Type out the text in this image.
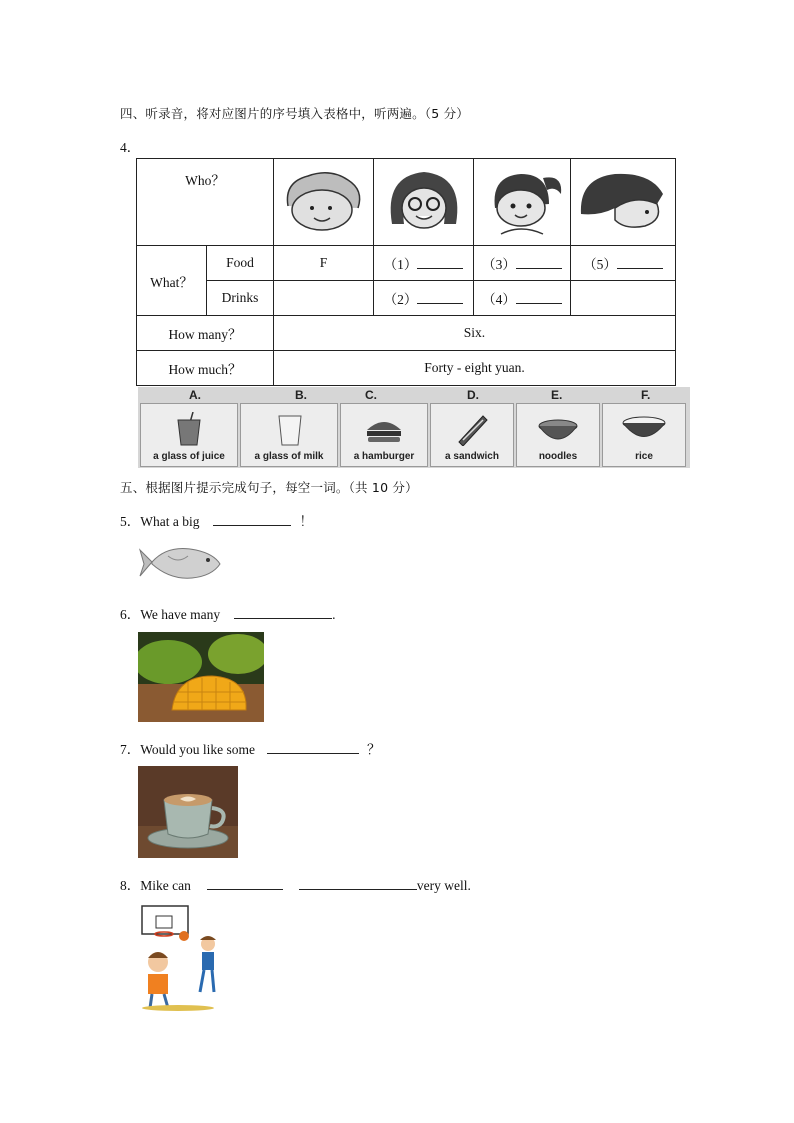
四、听录音，将对应图片的序号填入表格中，听两遍。（5 分）
4．
Who？				
What？	Food	F	（1）	（3）	（5）
	Drinks		（2）	（4）	
How many？		Six.			
How much？		Forty - eight yuan.			
A.
a glass of juice
B.
a glass of milk
C.
a hamburger
D.
a sandwich
E.
noodles
F.
rice
五、根据图片提示完成句子，每空一词。（共 10 分）
5．What a big	！
6．We have many	.
7．Would you like some	？
8．Mike can	very well.
